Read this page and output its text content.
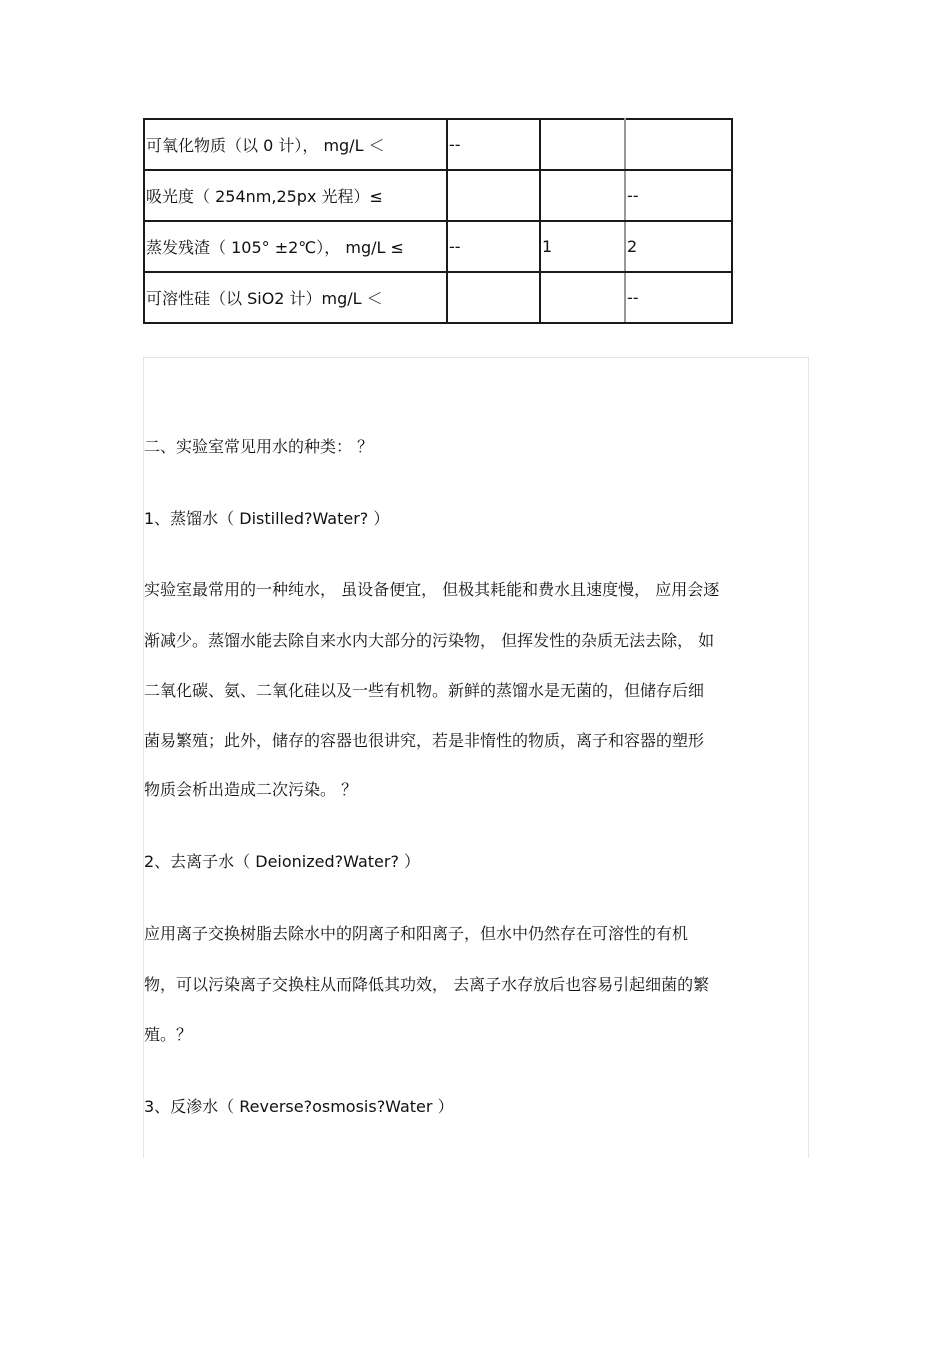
可氧化物质（以 0 计）， mg/L ＜	--		
吸光度（ 254nm,25px 光程）≤			--
蒸发残渣（ 105° ±2℃）， mg/L ≤	--	1	2
可溶性硅（以 SiO2 计）mg/L ＜			--
二、实验室常见用水的种类： ？
1、蒸馏水（ Distilled?Water? ）
实验室最常用的一种纯水， 虽设备便宜， 但极其耗能和费水且速度慢， 应用会逐
渐减少。蒸馏水能去除自来水内大部分的污染物， 但挥发性的杂质无法去除， 如
二氧化碳、氨、二氧化硅以及一些有机物。新鲜的蒸馏水是无菌的，但储存后细
菌易繁殖；此外，储存的容器也很讲究，若是非惰性的物质，离子和容器的塑形
物质会析出造成二次污染。 ？
2、去离子水（ Deionized?Water? ）
应用离子交换树脂去除水中的阴离子和阳离子，但水中仍然存在可溶性的有机
物，可以污染离子交换柱从而降低其功效， 去离子水存放后也容易引起细菌的繁
殖。？
3、反渗水（ Reverse?osmosis?Water ）
